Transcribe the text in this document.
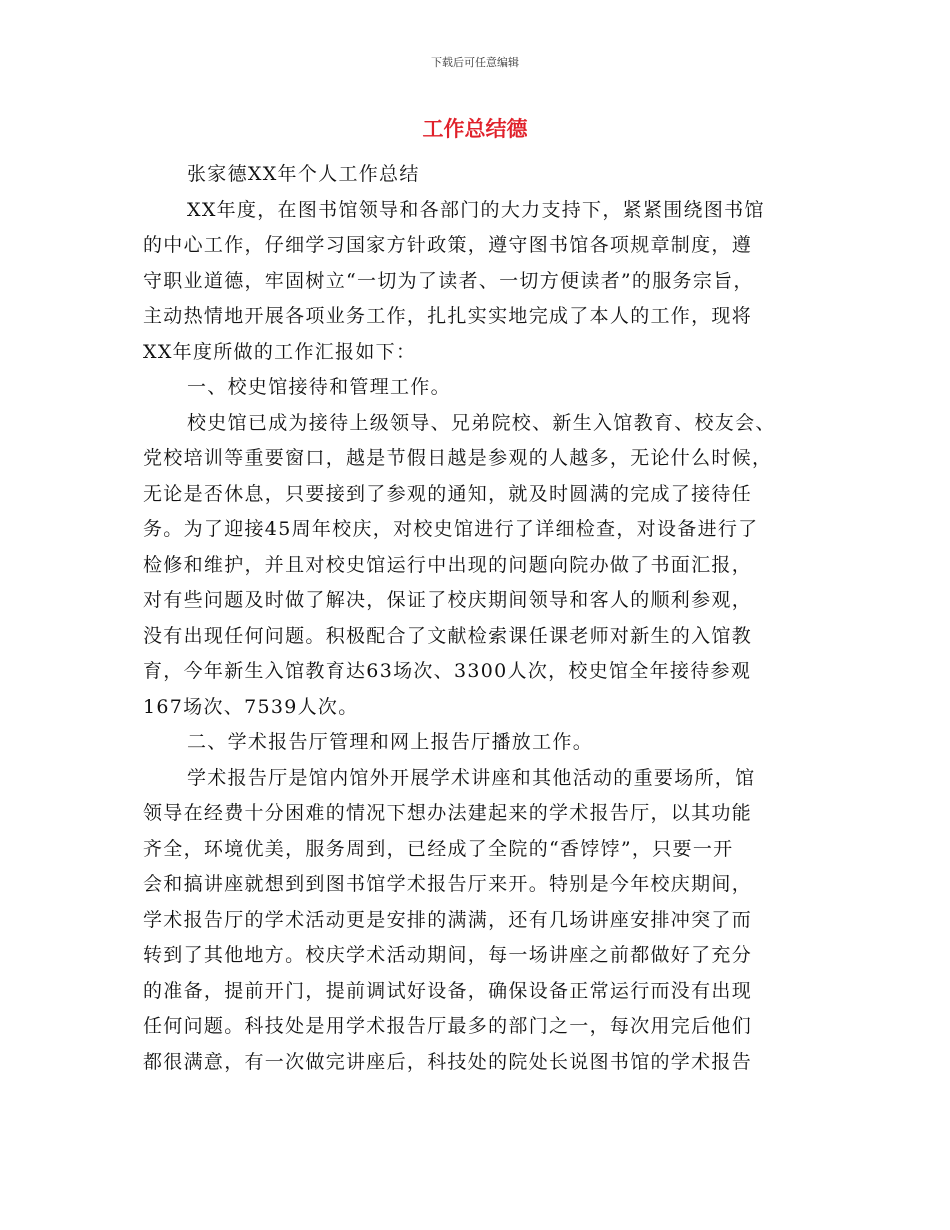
下载后可任意编辑
工作总结德
张家德XX年个人工作总结
XX年度，在图书馆领导和各部门的大力支持下，紧紧围绕图书馆
的中心工作，仔细学习国家方针政策，遵守图书馆各项规章制度，遵
守职业道德，牢固树立“一切为了读者、一切方便读者”的服务宗旨，
主动热情地开展各项业务工作，扎扎实实地完成了本人的工作，现将
XX年度所做的工作汇报如下：
一、校史馆接待和管理工作。
校史馆已成为接待上级领导、兄弟院校、新生入馆教育、校友会、
党校培训等重要窗口，越是节假日越是参观的人越多，无论什么时候，
无论是否休息，只要接到了参观的通知，就及时圆满的完成了接待任
务。为了迎接45周年校庆，对校史馆进行了详细检查，对设备进行了
检修和维护，并且对校史馆运行中出现的问题向院办做了书面汇报，
对有些问题及时做了解决，保证了校庆期间领导和客人的顺利参观，
没有出现任何问题。积极配合了文献检索课任课老师对新生的入馆教
育，今年新生入馆教育达63场次、3300人次，校史馆全年接待参观
167场次、7539人次。
二、学术报告厅管理和网上报告厅播放工作。
学术报告厅是馆内馆外开展学术讲座和其他活动的重要场所，馆
领导在经费十分困难的情况下想办法建起来的学术报告厅，以其功能
齐全，环境优美，服务周到，已经成了全院的“香饽饽”，只要一开
会和搞讲座就想到到图书馆学术报告厅来开。特别是今年校庆期间，
学术报告厅的学术活动更是安排的满满，还有几场讲座安排冲突了而
转到了其他地方。校庆学术活动期间，每一场讲座之前都做好了充分
的准备，提前开门，提前调试好设备，确保设备正常运行而没有出现
任何问题。科技处是用学术报告厅最多的部门之一，每次用完后他们
都很满意，有一次做完讲座后，科技处的院处长说图书馆的学术报告
